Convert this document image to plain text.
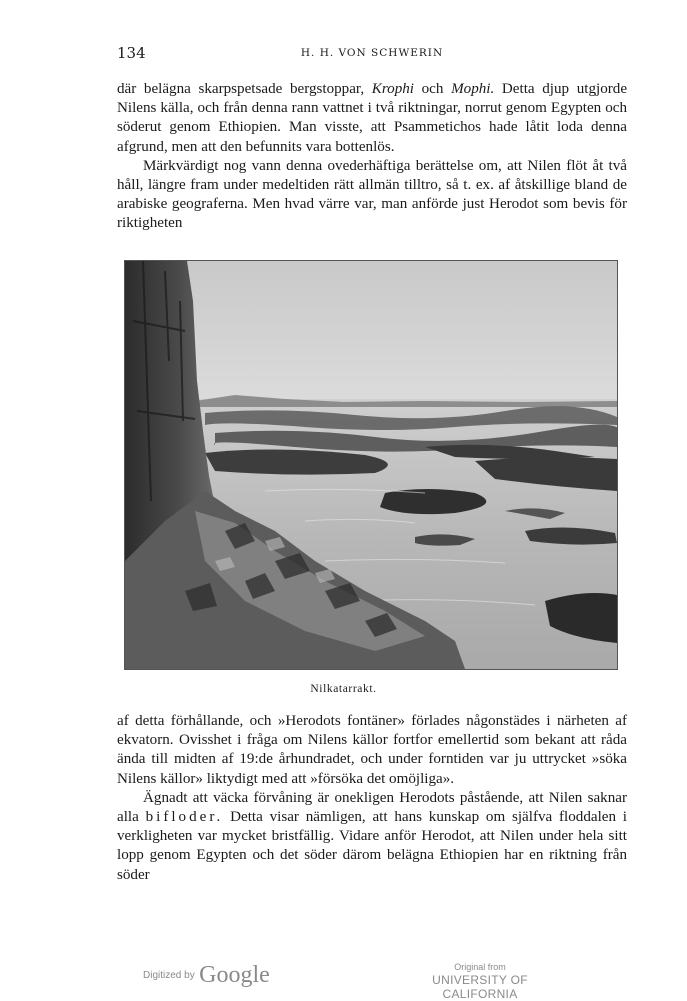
134	H. H. VON SCHWERIN

där belägna skarpspetsade bergstoppar, Krophi och Mophi. Detta djup utgjorde Nilens källa, och från denna rann vattnet i två riktningar, norrut genom Egypten och söderut genom Ethiopien. Man visste, att Psammetichos hade låtit loda denna afgrund, men att den befunnits vara bottenlös.

Märkvärdigt nog vann denna ovederhäftiga berättelse om, att Nilen flöt åt två håll, längre fram under medeltiden rätt allmän tilltro, så t. ex. af åtskillige bland de arabiske geograferna. Men hvad värre var, man anförde just Herodot som bevis för riktigheten

Nilkatarrakt.

af detta förhållande, och »Herodots fontäner» förlades någonstädes i närheten af ekvatorn. Ovisshet i fråga om Nilens källor fortfor emellertid som bekant att råda ända till midten af 19:de århundradet, och under forntiden var ju uttrycket »söka Nilens källor» liktydigt med att »försöka det omöjliga».

Ägnadt att väcka förvåning är onekligen Herodots påstående, att Nilen saknar alla bifloder. Detta visar nämligen, att hans kunskap om själfva floddalen i verkligheten var mycket bristfällig. Vidare anför Herodot, att Nilen under hela sitt lopp genom Egypten och det söder därom belägna Ethiopien har en riktning från söder

Digitized by Google	Original from
UNIVERSITY OF CALIFORNIA
